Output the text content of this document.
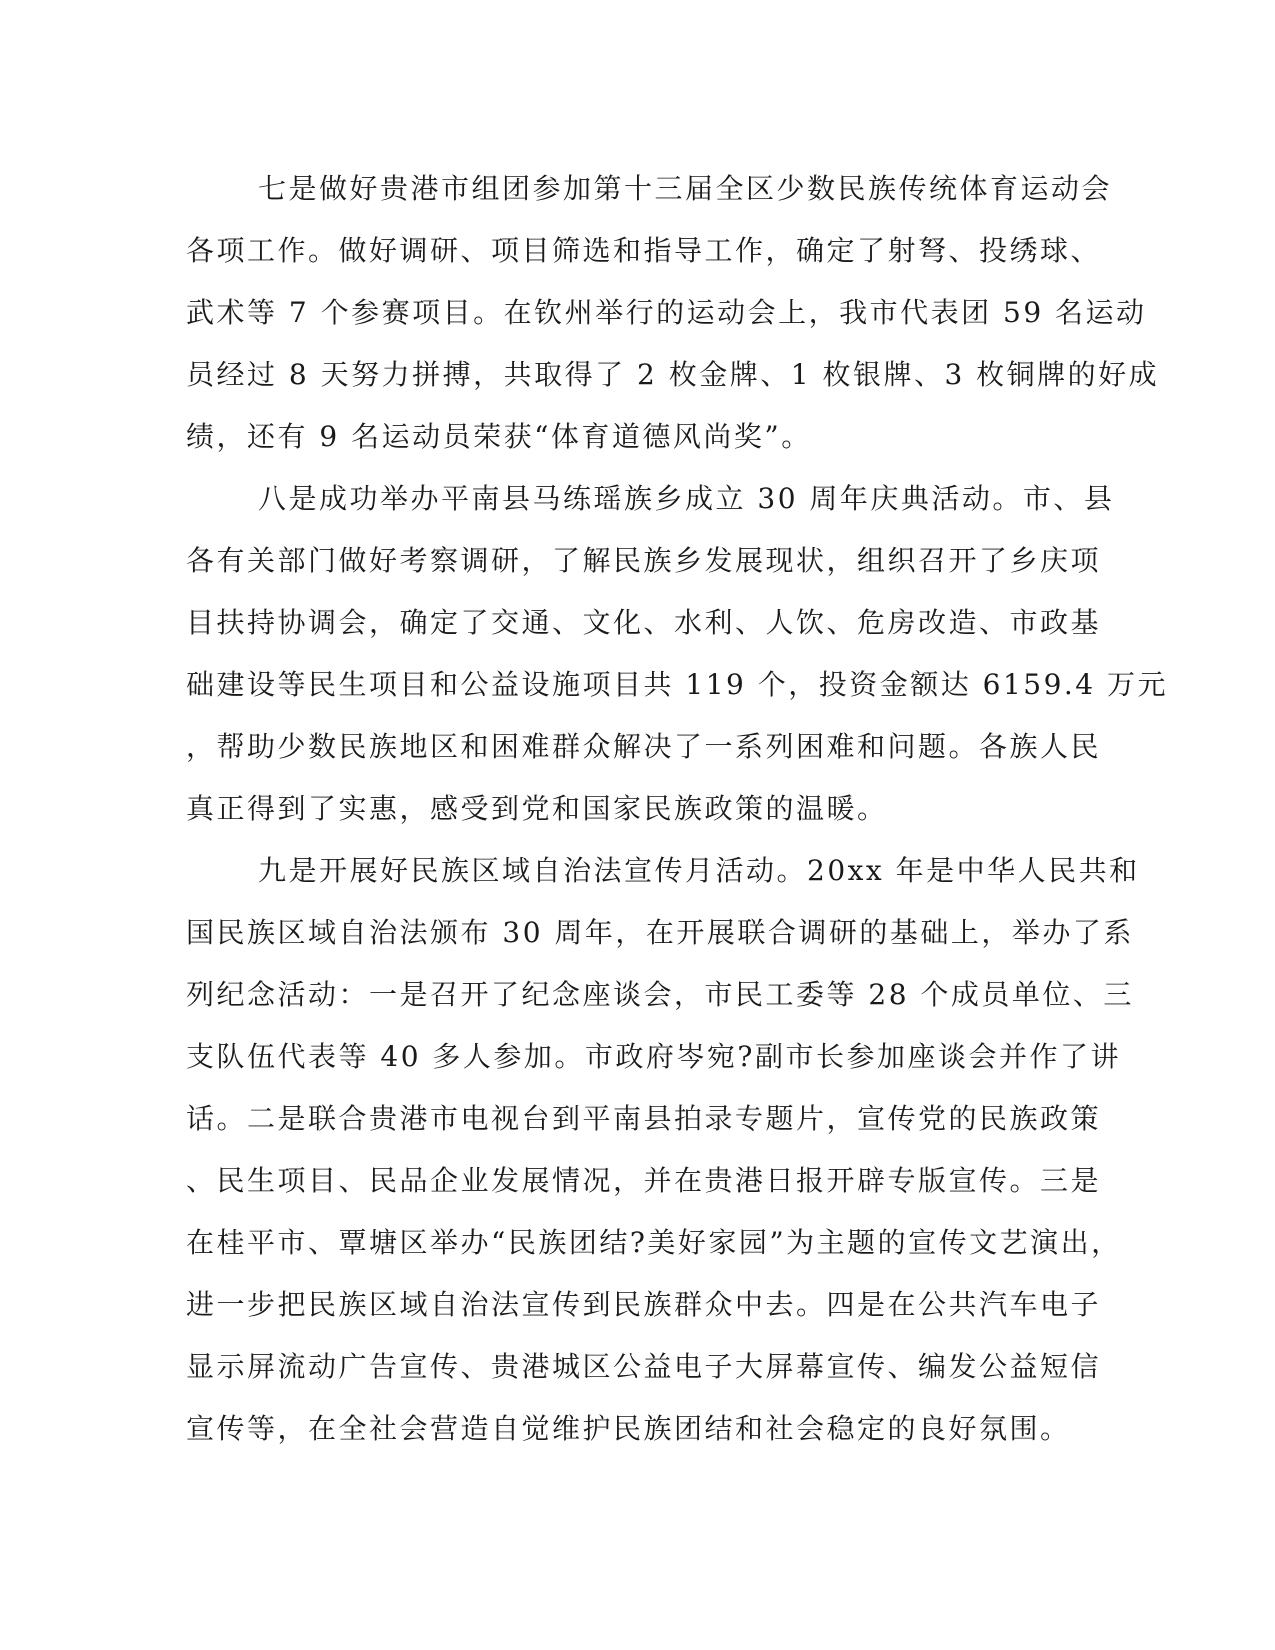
七是做好贵港市组团参加第十三届全区少数民族传统体育运动会
各项工作。做好调研、项目筛选和指导工作，确定了射弩、投绣球、
武术等 7 个参赛项目。在钦州举行的运动会上，我市代表团 59 名运动
员经过 8 天努力拼搏，共取得了 2 枚金牌、1 枚银牌、3 枚铜牌的好成
绩，还有 9 名运动员荣获“体育道德风尚奖”。
八是成功举办平南县马练瑶族乡成立 30 周年庆典活动。市、县
各有关部门做好考察调研，了解民族乡发展现状，组织召开了乡庆项
目扶持协调会，确定了交通、文化、水利、人饮、危房改造、市政基
础建设等民生项目和公益设施项目共 119 个，投资金额达 6159.4 万元
，帮助少数民族地区和困难群众解决了一系列困难和问题。各族人民
真正得到了实惠，感受到党和国家民族政策的温暖。
九是开展好民族区域自治法宣传月活动。20xx 年是中华人民共和
国民族区域自治法颁布 30 周年，在开展联合调研的基础上，举办了系
列纪念活动：一是召开了纪念座谈会，市民工委等 28 个成员单位、三
支队伍代表等 40 多人参加。市政府岑宛?副市长参加座谈会并作了讲
话。二是联合贵港市电视台到平南县拍录专题片，宣传党的民族政策
、民生项目、民品企业发展情况，并在贵港日报开辟专版宣传。三是
在桂平市、覃塘区举办“民族团结?美好家园”为主题的宣传文艺演出，
进一步把民族区域自治法宣传到民族群众中去。四是在公共汽车电子
显示屏流动广告宣传、贵港城区公益电子大屏幕宣传、编发公益短信
宣传等，在全社会营造自觉维护民族团结和社会稳定的良好氛围。
